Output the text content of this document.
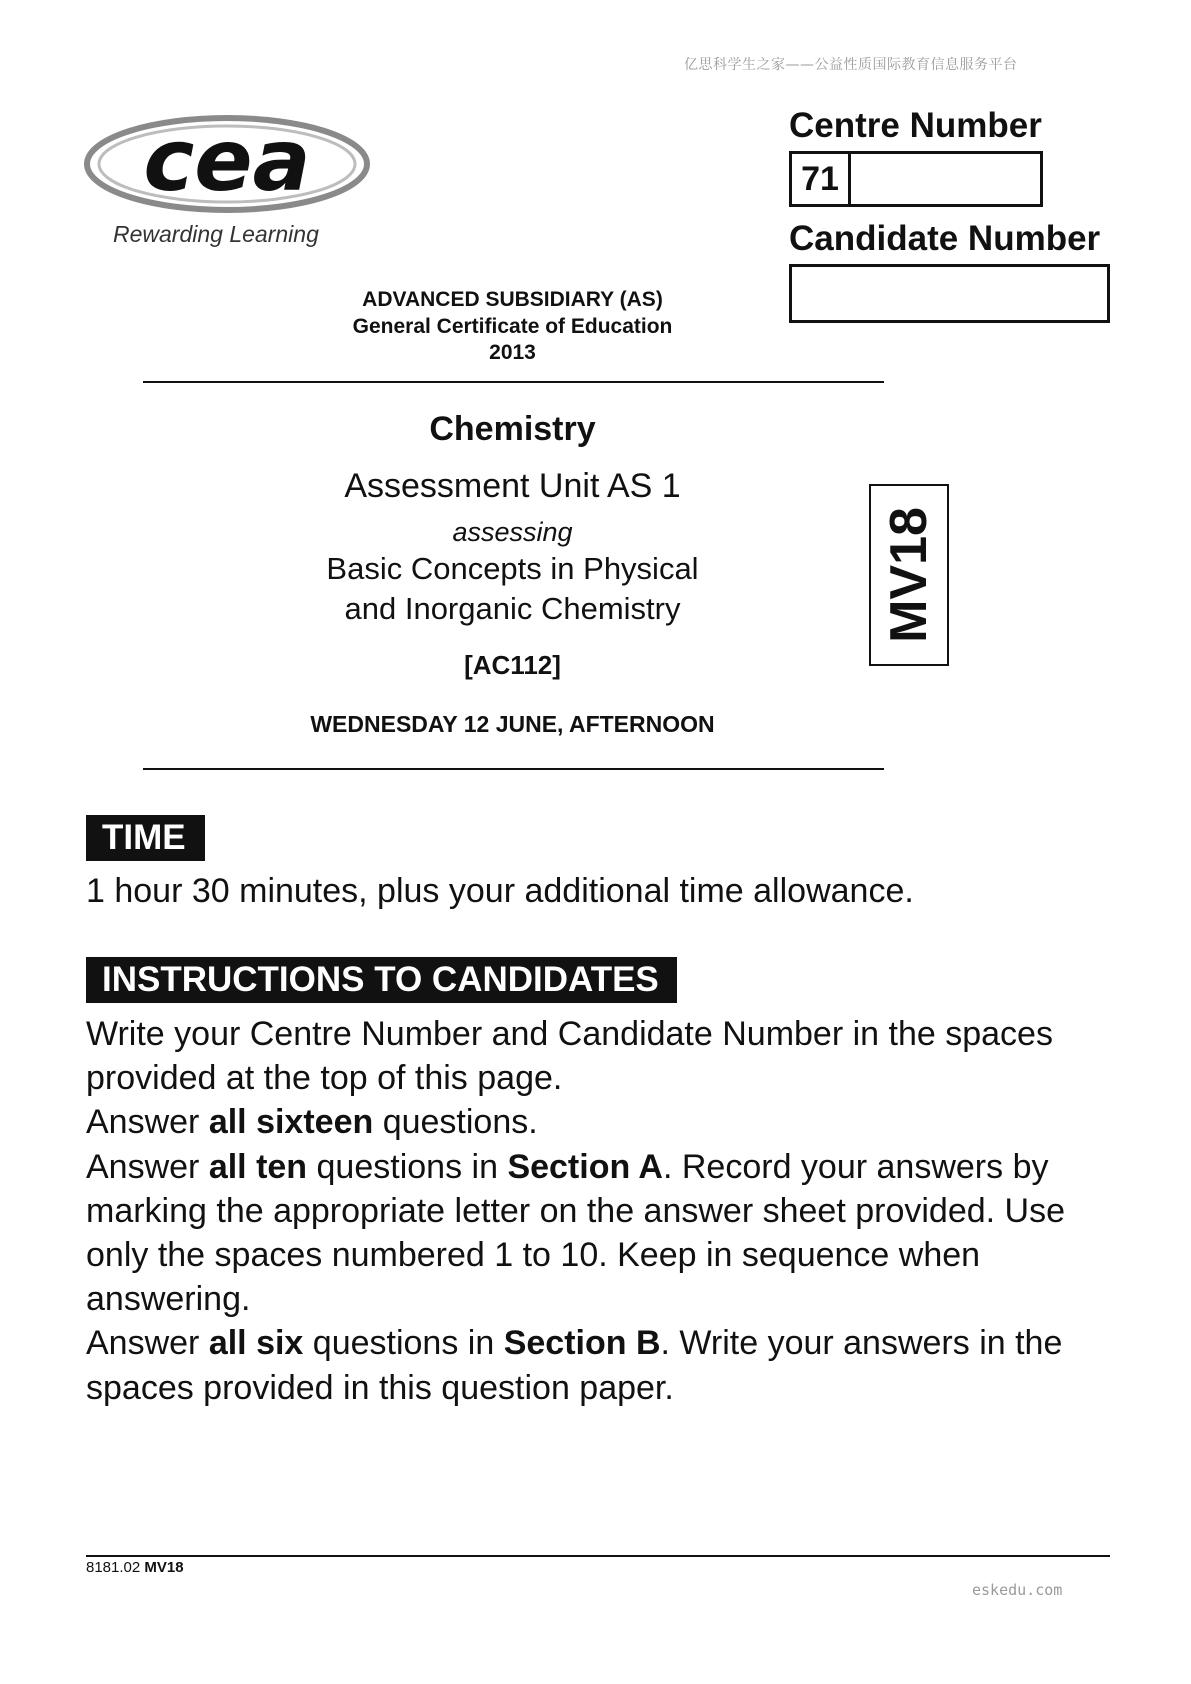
亿思科学生之家——公益性质国际教育信息服务平台
cea
Rewarding Learning
ADVANCED SUBSIDIARY (AS)
General Certificate of Education
2013
Chemistry
Assessment Unit AS 1
assessing
Basic Concepts in Physical
and Inorganic Chemistry
[AC112]
WEDNESDAY 12 JUNE, AFTERNOON
Centre Number
71
Candidate Number
MV18
TIME
1 hour 30 minutes, plus your additional time allowance.
INSTRUCTIONS TO CANDIDATES

Write your Centre Number and Candidate Number in the spaces provided at the top of this page.

Answer all sixteen questions.

Answer all ten questions in Section A. Record your answers by marking the appropriate letter on the answer sheet provided. Use only the spaces numbered 1 to 10. Keep in sequence when answering.

Answer all six questions in Section B. Write your answers in the spaces provided in this question paper.

8181.02 MV18
eskedu.com
